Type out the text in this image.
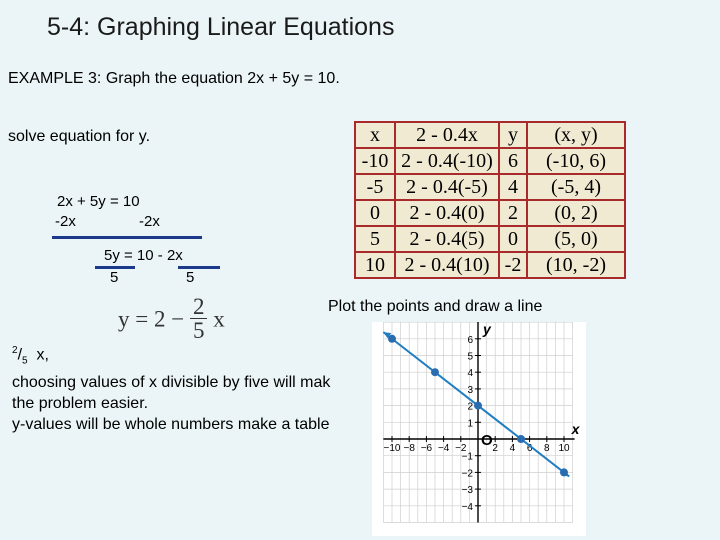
5-4: Graphing Linear Equations
EXAMPLE 3: Graph the equation 2x + 5y = 10.
solve equation for y.
2x + 5y = 10
-2x	-2x
5y = 10 - 2x
5	5
$y = 2 - \frac{2}{5}$ x
$^2/_5$  x,
choosing values of x divisible by five will mak
the problem easier.
y-values will be whole numbers make a table
x	2 - 0.4x	y	(x, y)
-10	2 - 0.4(-10)	6	(-10, 6)
-5	2 - 0.4(-5)	4	(-5, 4)
0	2 - 0.4(0)	2	(0, 2)
5	2 - 0.4(5)	0	(5, 0)
10	2 - 0.4(10)	-2	(10, -2)
Plot the points and draw a line
−10 −8 −6 −4 −2	2 4 6 8 10
6
5
4
3
2
1
−1
−2
−3
−4
x
y
O
